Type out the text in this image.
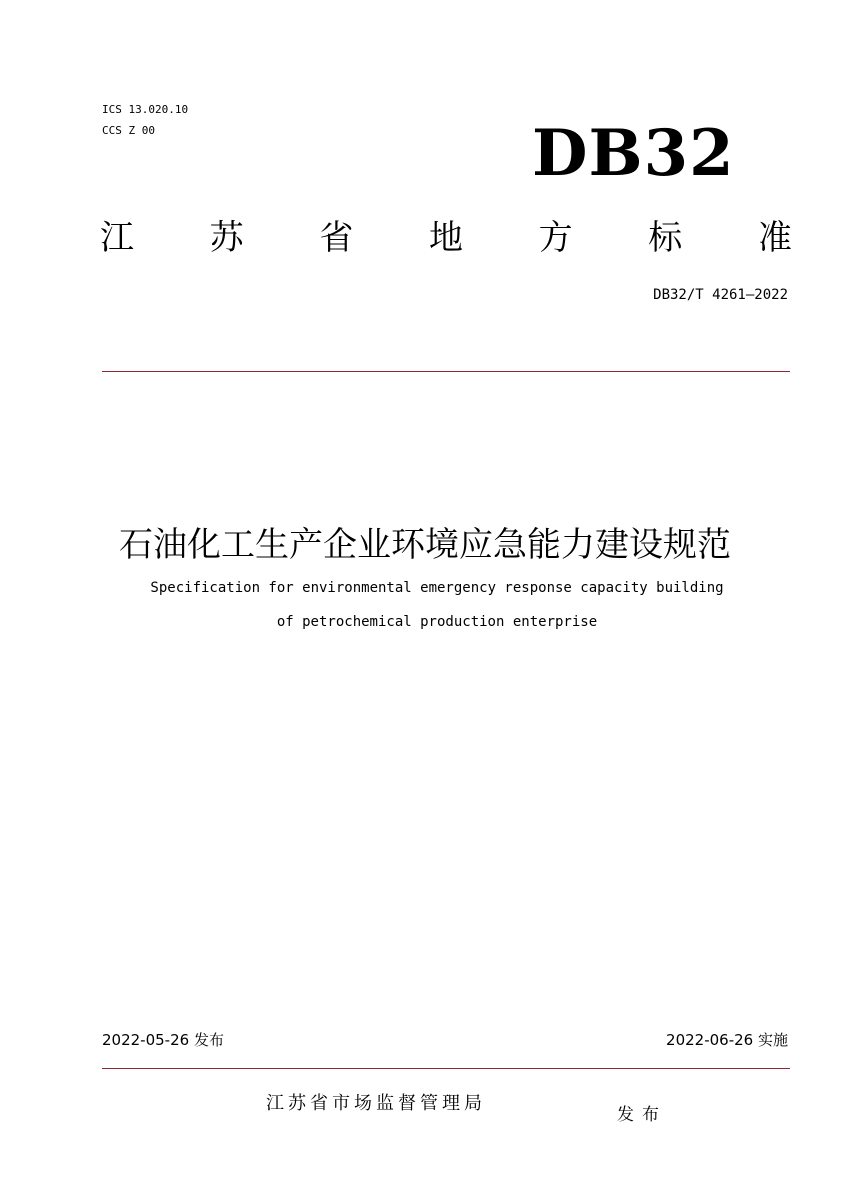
ICS 13.020.10
CCS Z 00	DB32
江 苏 省 地 方 标 准
DB32/T 4261—2022
石油化工生产企业环境应急能力建设规范
Specification for environmental emergency response capacity building
of petrochemical production enterprise
2022-05-26 发布	2022-06-26 实施
江苏省市场监督管理局
发布
